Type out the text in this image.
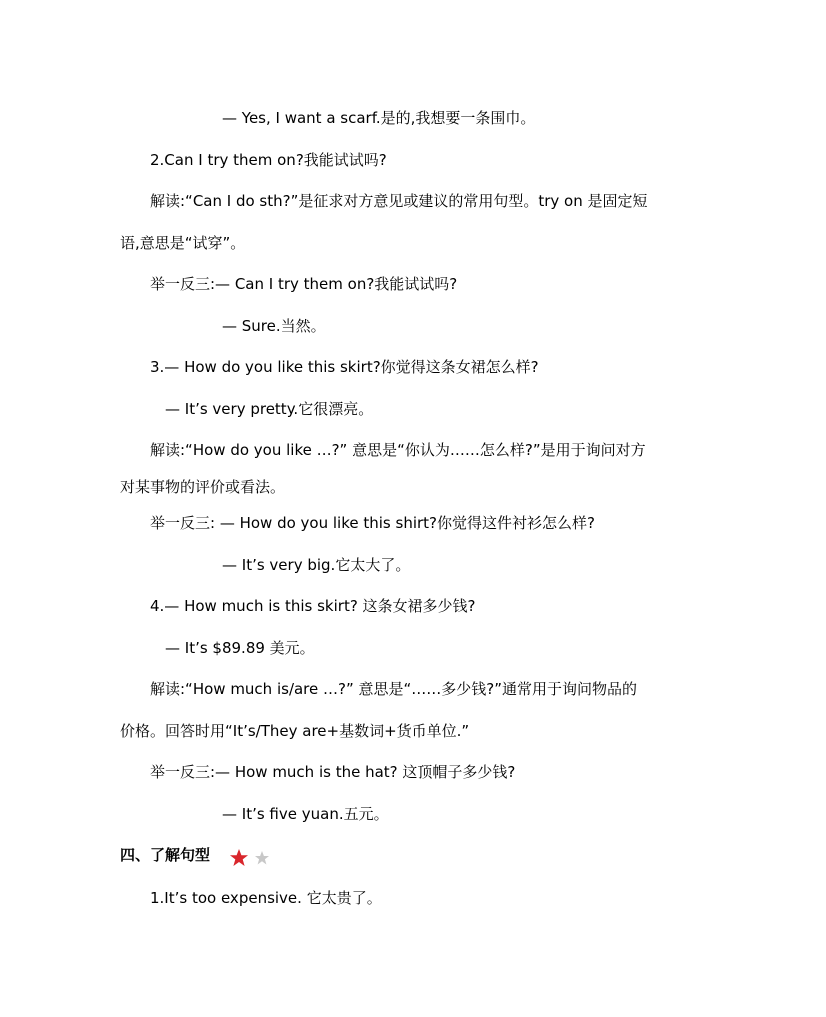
— Yes, I want a scarf.是的,我想要一条围巾。
2.Can I try them on?我能试试吗?
解读:“Can I do sth?”是征求对方意见或建议的常用句型。try on 是固定短
语,意思是“试穿”。
举一反三:— Can I try them on?我能试试吗?
— Sure.当然。
3.— How do you like this skirt?你觉得这条女裙怎么样?
— It’s very pretty.它很漂亮。
解读:“How do you like …?” 意思是“你认为……怎么样?”是用于询问对方
对某事物的评价或看法。
举一反三: — How do you like this shirt?你觉得这件衬衫怎么样?
— It’s very big.它太大了。
4.— How much is this skirt? 这条女裙多少钱?
— It’s $89.89 美元。
解读:“How much is/are …?” 意思是“……多少钱?”通常用于询问物品的
价格。回答时用“It’s/They are+基数词+货币单位.”
举一反三:— How much is the hat? 这顶帽子多少钱?
— It’s five yuan.五元。
四、了解句型
1.It’s too expensive. 它太贵了。
